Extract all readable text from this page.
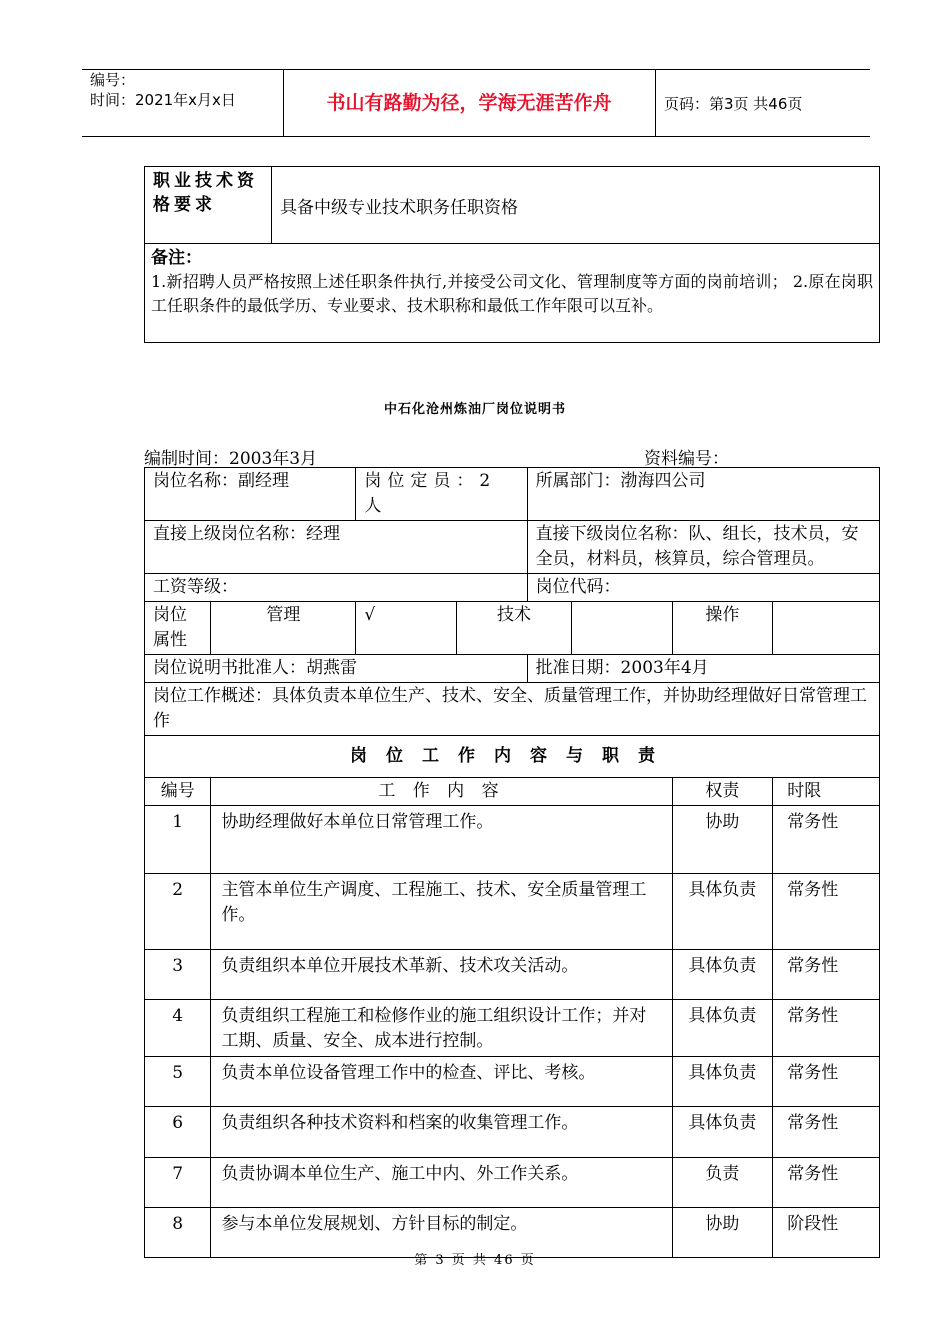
编号：
时间：2021年x月x日	书山有路勤为径，学海无涯苦作舟	页码：第3页 共46页
职业技术资格要求	具备中级专业技术职务任职资格

备注：
1.新招聘人员严格按照上述任职条件执行,并接受公司文化、管理制度等方面的岗前培训； 2.原在岗职工任职条件的最低学历、专业要求、技术职称和最低工作年限可以互补。
中石化沧州炼油厂岗位说明书
编制时间：2003年3月	资料编号：
岗位名称：副经理		岗位定员：2人		所属部门：渤海四公司			
直接上级岗位名称：经理				直接下级岗位名称：队、组长，技术员，安全员，材料员，核算员，综合管理员。			
工资等级：				岗位代码：			
岗位属性	管理	√	技术			操作	
岗位说明书批准人：胡燕雷				批准日期：2003年4月			
岗位工作概述：具体负责本单位生产、技术、安全、质量管理工作，并协助经理做好日常管理工作							
岗位工作内容与职责							
编号	工 作 内 容					权责	时限
1	协助经理做好本单位日常管理工作。					协助	常务性
2	主管本单位生产调度、工程施工、技术、安全质量管理工作。					具体负责	常务性
3	负责组织本单位开展技术革新、技术攻关活动。					具体负责	常务性
4	负责组织工程施工和检修作业的施工组织设计工作；并对工期、质量、安全、成本进行控制。					具体负责	常务性
5	负责本单位设备管理工作中的检查、评比、考核。					具体负责	常务性
6	负责组织各种技术资料和档案的收集管理工作。					具体负责	常务性
7	负责协调本单位生产、施工中内、外工作关系。					负责	常务性
8	参与本单位发展规划、方针目标的制定。					协助	阶段性
第 3 页 共 46 页
